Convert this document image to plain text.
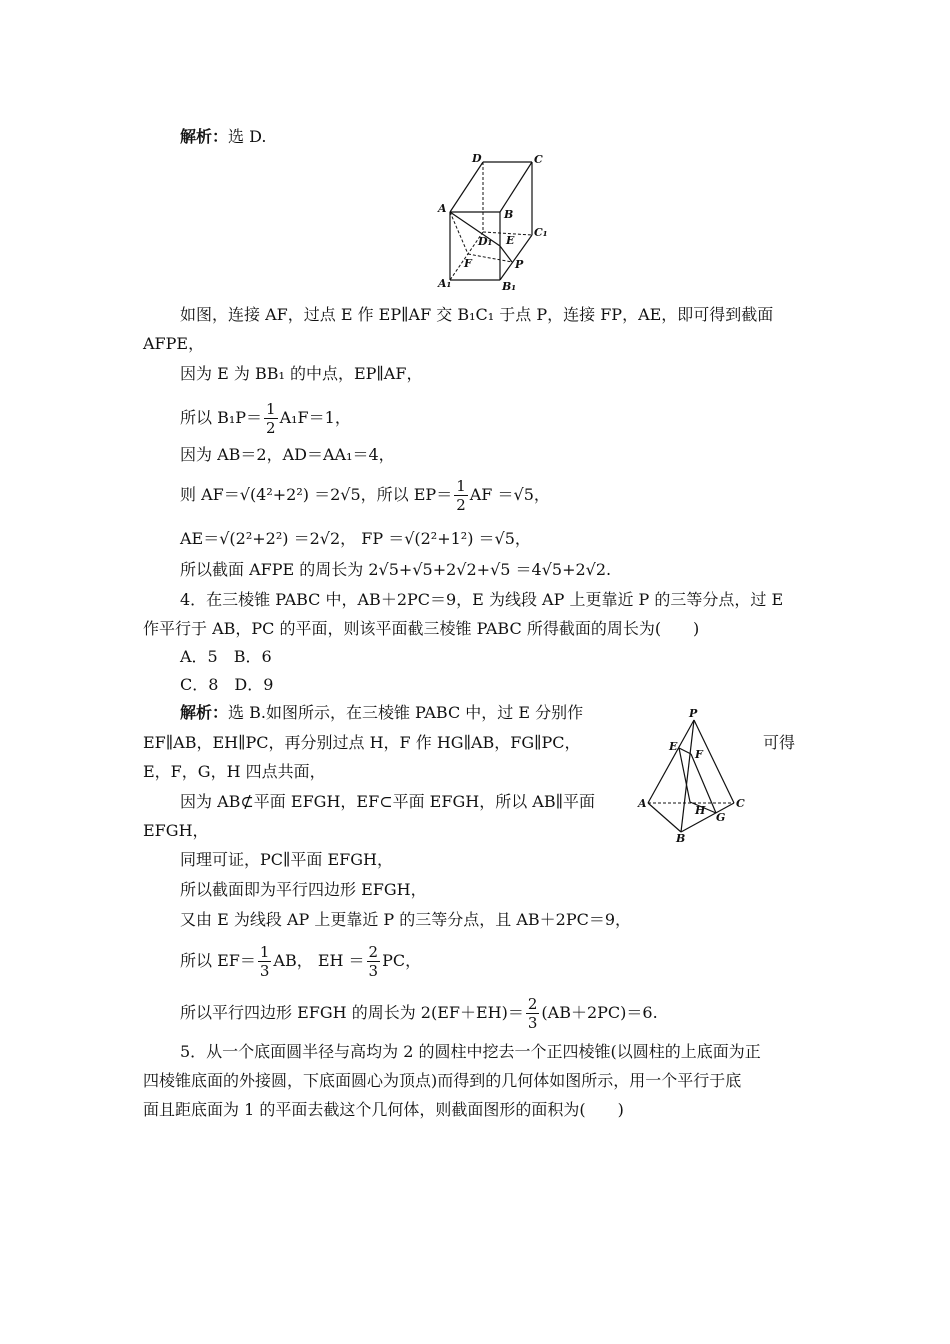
解析：选 D.
D	C
A	B
C₁
D₁ E
F	P
A₁	B₁
如图，连接 AF，过点 E 作 EP∥AF 交 B₁C₁ 于点 P，连接 FP，AE，即可得到截面
AFPE，
因为 E 为 BB₁ 的中点，EP∥AF，
所以 $B_1P= \frac{1}{2} A_1F=1$，
因为 AB＝2，AD＝AA₁＝4，
则 AF＝√(4²+2²) ＝2√5，所以 $EP= \frac{1}{2}$ AF ＝√5，
AE＝√(2²+2²) ＝2√2， FP ＝√(2²+1²) ＝√5，
所以截面 AFPE 的周长为 2√5+√5+2√2+√5 ＝4√5+2√2.
4．在三棱锥 PABC 中，AB＋2PC＝9，E 为线段 AP 上更靠近 P 的三等分点，过 E
作平行于 AB，PC 的平面，则该平面截三棱锥 PABC 所得截面的周长为(　　)
A．5　B．6
C．8　D．9
解析：选 B.如图所示，在三棱锥 PABC 中，过 E 分别作
EF∥AB，EH∥PC，再分别过点 H，F 作 HG∥AB，FG∥PC，	可得
E，F，G，H 四点共面，
因为 AB⊄平面 EFGH，EF⊂平面 EFGH，所以 AB∥平面
EFGH，
同理可证，PC∥平面 EFGH，
所以截面即为平行四边形 EFGH，
又由 E 为线段 AP 上更靠近 P 的三等分点，且 AB＋2PC＝9，
所以 $EF= \frac{1}{3}$ AB， EH ＝ $\frac{2}{3}$ PC，
所以平行四边形 EFGH 的周长为 $2(EF+EH)= \frac{2}{3} (AB+2PC)=6$.
P
E
F
A
H
C
G
B
5．从一个底面圆半径与高均为 2 的圆柱中挖去一个正四棱锥(以圆柱的上底面为正
四棱锥底面的外接圆，下底面圆心为顶点)而得到的几何体如图所示，用一个平行于底
面且距底面为 1 的平面去截这个几何体，则截面图形的面积为(　　)
